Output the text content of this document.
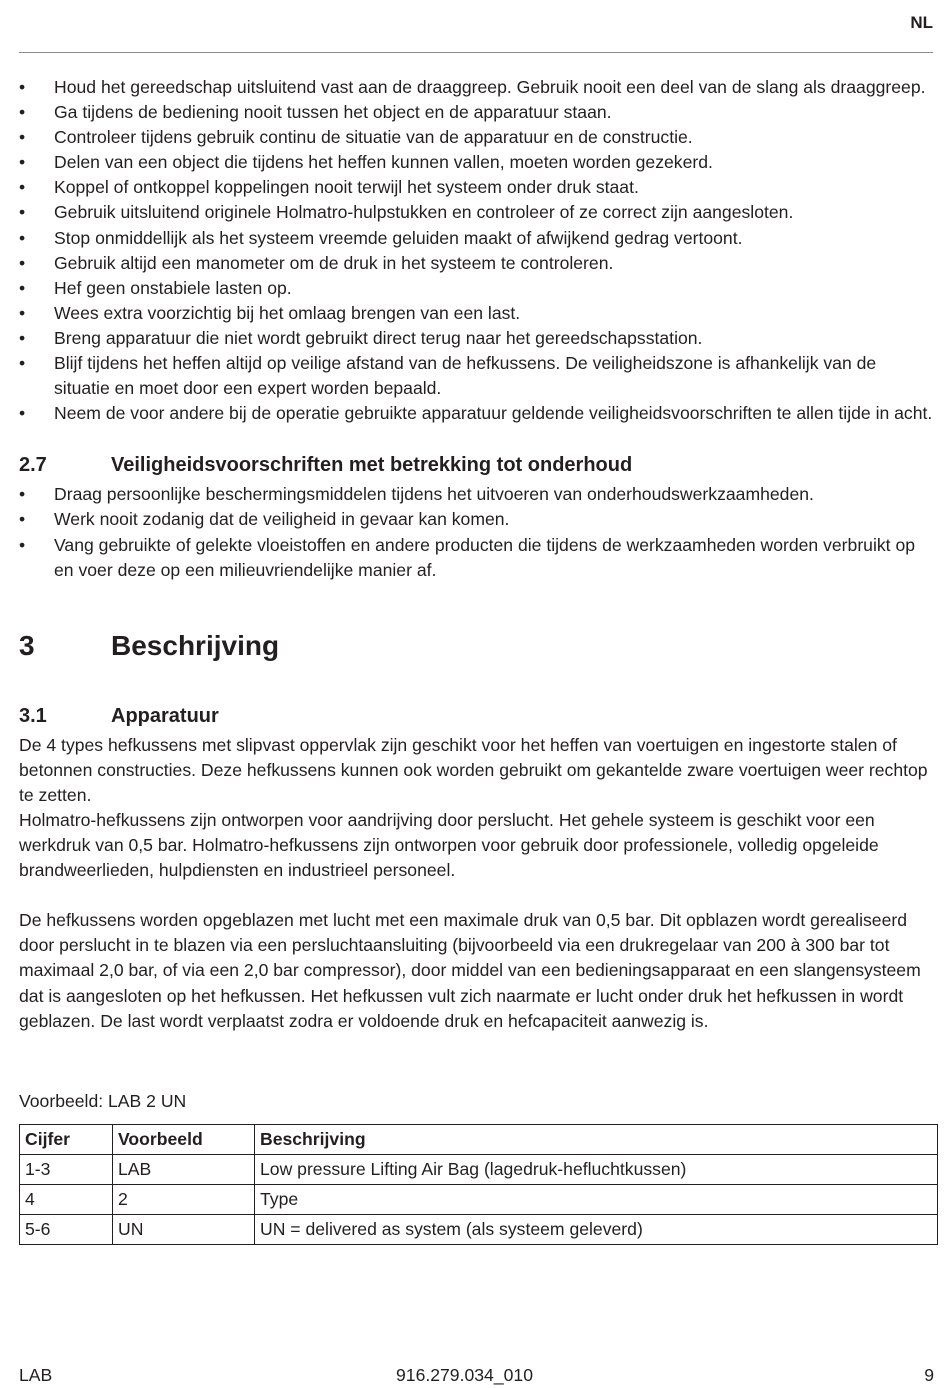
NL
• Houd het gereedschap uitsluitend vast aan de draaggreep. Gebruik nooit een deel van de slang als draaggreep.
• Ga tijdens de bediening nooit tussen het object en de apparatuur staan.
• Controleer tijdens gebruik continu de situatie van de apparatuur en de constructie.
• Delen van een object die tijdens het heffen kunnen vallen, moeten worden gezekerd.
• Koppel of ontkoppel koppelingen nooit terwijl het systeem onder druk staat.
• Gebruik uitsluitend originele Holmatro-hulpstukken en controleer of ze correct zijn aangesloten.
• Stop onmiddellijk als het systeem vreemde geluiden maakt of afwijkend gedrag vertoont.
• Gebruik altijd een manometer om de druk in het systeem te controleren.
• Hef geen onstabiele lasten op.
• Wees extra voorzichtig bij het omlaag brengen van een last.
• Breng apparatuur die niet wordt gebruikt direct terug naar het gereedschapsstation.
• Blijf tijdens het heffen altijd op veilige afstand van de hefkussens. De veiligheidszone is afhankelijk van de situatie en moet door een expert worden bepaald.
• Neem de voor andere bij de operatie gebruikte apparatuur geldende veiligheidsvoorschriften te allen tijde in acht.
2.7	Veiligheidsvoorschriften met betrekking tot onderhoud
• Draag persoonlijke beschermingsmiddelen tijdens het uitvoeren van onderhoudswerkzaamheden.
• Werk nooit zodanig dat de veiligheid in gevaar kan komen.
• Vang gebruikte of gelekte vloeistoffen en andere producten die tijdens de werkzaamheden worden verbruikt op en voer deze op een milieuvriendelijke manier af.
3	Beschrijving
3.1	Apparatuur

De 4 types hefkussens met slipvast oppervlak zijn geschikt voor het heffen van voertuigen en ingestorte stalen of betonnen constructies. Deze hefkussens kunnen ook worden gebruikt om gekantelde zware voertuigen weer rechtop te zetten.

Holmatro-hefkussens zijn ontworpen voor aandrijving door perslucht. Het gehele systeem is geschikt voor een werkdruk van 0,5 bar. Holmatro-hefkussens zijn ontworpen voor gebruik door professionele, volledig opgeleide brandweerlieden, hulpdiensten en industrieel personeel.

De hefkussens worden opgeblazen met lucht met een maximale druk van 0,5 bar. Dit opblazen wordt gerealiseerd door perslucht in te blazen via een persluchtaansluiting (bijvoorbeeld via een drukregelaar van 200 à 300 bar tot maximaal 2,0 bar, of via een 2,0 bar compressor), door middel van een bedieningsapparaat en een slangensysteem dat is aangesloten op het hefkussen. Het hefkussen vult zich naarmate er lucht onder druk het hefkussen in wordt geblazen. De last wordt verplaatst zodra er voldoende druk en hefcapaciteit aanwezig is.

Voorbeeld: LAB 2 UN
Cijfer	Voorbeeld	Beschrijving
1-3	LAB	Low pressure Lifting Air Bag (lagedruk-hefluchtkussen)
4	2	Type
5-6	UN	UN = delivered as system (als systeem geleverd)
LAB	916.279.034_010	9
